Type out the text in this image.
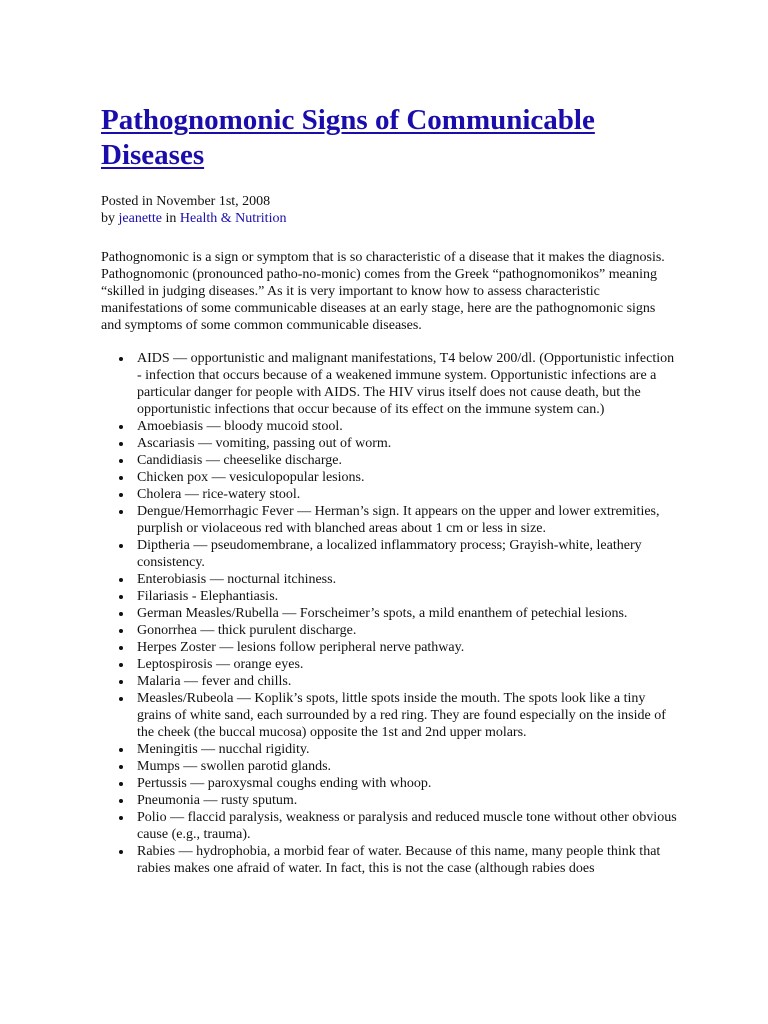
Pathognomonic Signs of Communicable Diseases
Posted in November 1st, 2008
by jeanette in Health & Nutrition

Pathognomonic is a sign or symptom that is so characteristic of a disease that it makes the diagnosis. Pathognomonic (pronounced patho-no-monic) comes from the Greek “pathognomonikos” meaning “skilled in judging diseases.” As it is very important to know how to assess characteristic manifestations of some communicable diseases at an early stage, here are the pathognomonic signs and symptoms of some common communicable diseases.

AIDS — opportunistic and malignant manifestations, T4 below 200/dl. (Opportunistic infection - infection that occurs because of a weakened immune system. Opportunistic infections are a particular danger for people with AIDS. The HIV virus itself does not cause death, but the opportunistic infections that occur because of its effect on the immune system can.)
Amoebiasis — bloody mucoid stool.
Ascariasis — vomiting, passing out of worm.
Candidiasis — cheeselike discharge.
Chicken pox — vesiculopopular lesions.
Cholera — rice-watery stool.
Dengue/Hemorrhagic Fever — Herman’s sign. It appears on the upper and lower extremities, purplish or violaceous red with blanched areas about 1 cm or less in size.
Diptheria — pseudomembrane, a localized inflammatory process; Grayish-white, leathery consistency.
Enterobiasis — nocturnal itchiness.
Filariasis - Elephantiasis.
German Measles/Rubella — Forscheimer’s spots, a mild enanthem of petechial lesions.
Gonorrhea — thick purulent discharge.
Herpes Zoster — lesions follow peripheral nerve pathway.
Leptospirosis — orange eyes.
Malaria — fever and chills.
Measles/Rubeola — Koplik’s spots, little spots inside the mouth. The spots look like a tiny grains of white sand, each surrounded by a red ring. They are found especially on the inside of the cheek (the buccal mucosa) opposite the 1st and 2nd upper molars.
Meningitis — nucchal rigidity.
Mumps — swollen parotid glands.
Pertussis — paroxysmal coughs ending with whoop.
Pneumonia — rusty sputum.
Polio — flaccid paralysis, weakness or paralysis and reduced muscle tone without other obvious cause (e.g., trauma).
Rabies — hydrophobia, a morbid fear of water. Because of this name, many people think that rabies makes one afraid of water. In fact, this is not the case (although rabies does
